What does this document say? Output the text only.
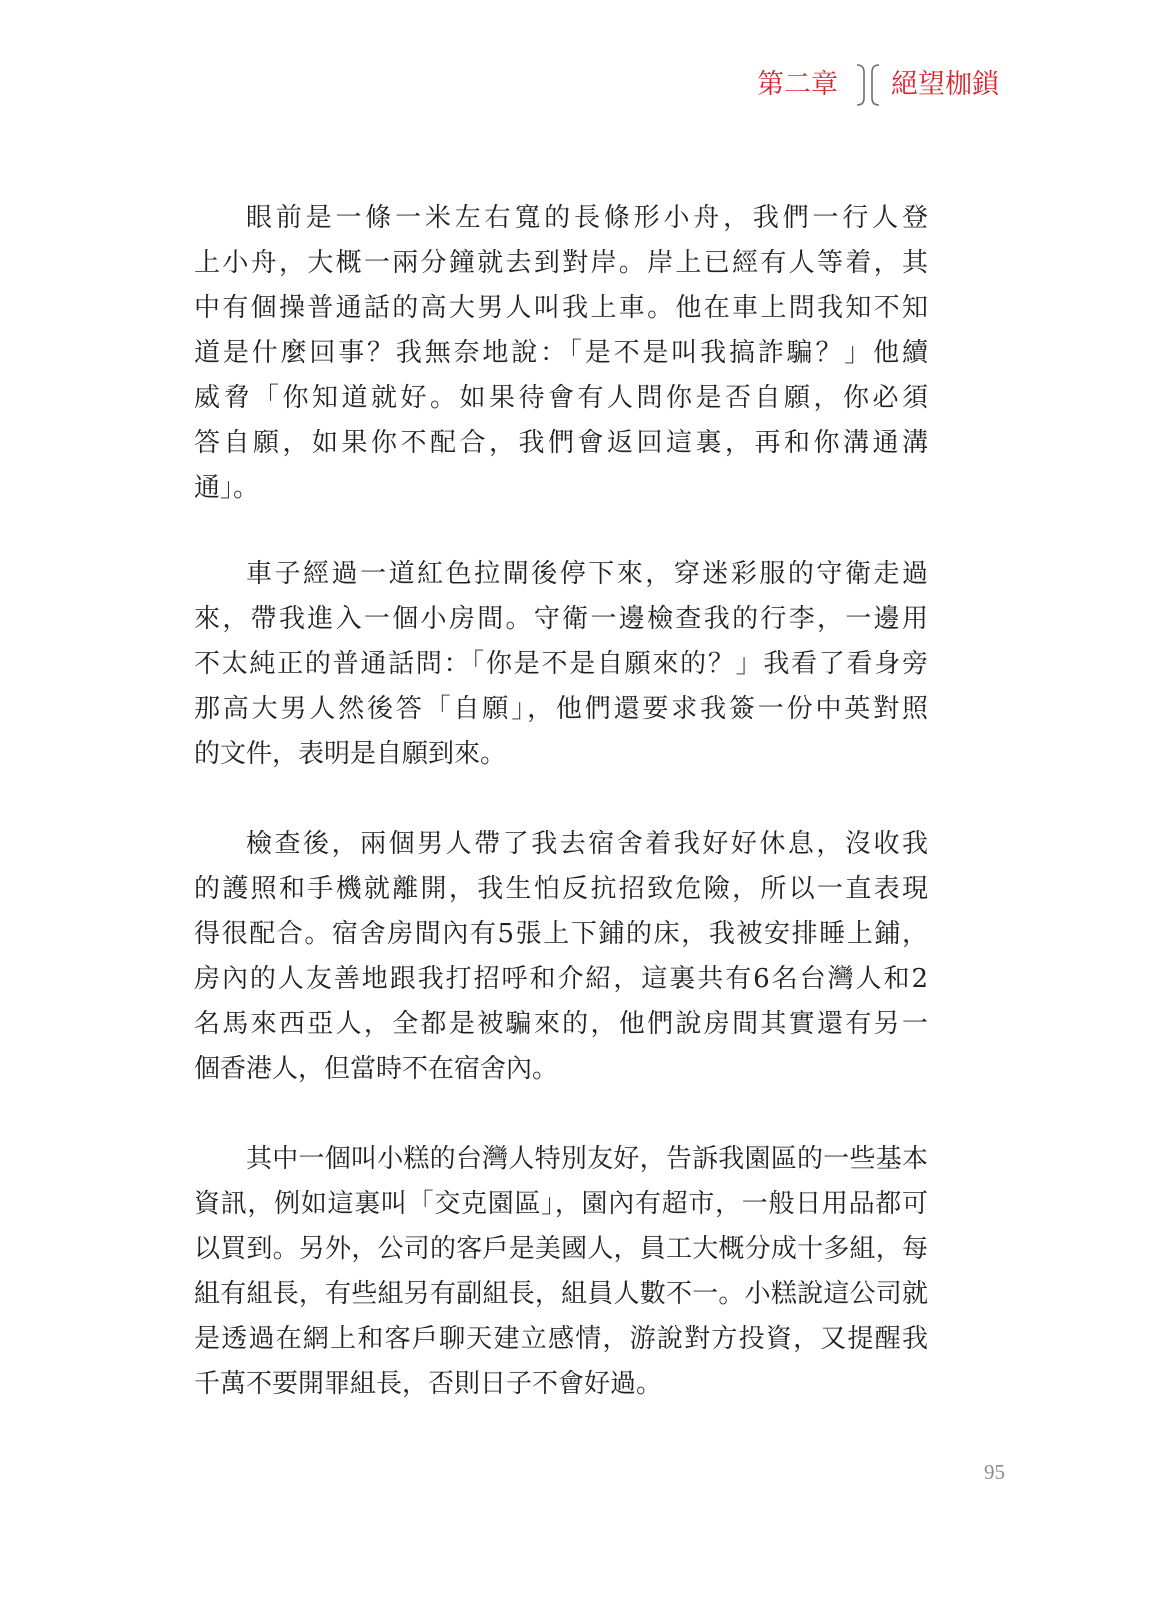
第二章 絕望枷鎖
眼前是一條一米左右寬的長條形小舟，我們一行人登
上小舟，大概一兩分鐘就去到對岸。岸上已經有人等着，其
中有個操普通話的高大男人叫我上車。他在車上問我知不知
道是什麼回事？我無奈地說：「是不是叫我搞詐騙？」他續
威脅「你知道就好。如果待會有人問你是否自願，你必須
答自願，如果你不配合，我們會返回這裏，再和你溝通溝
通」。
車子經過一道紅色拉閘後停下來，穿迷彩服的守衛走過
來，帶我進入一個小房間。守衛一邊檢查我的行李，一邊用
不太純正的普通話問：「你是不是自願來的？」我看了看身旁
那高大男人然後答「自願」，他們還要求我簽一份中英對照
的文件，表明是自願到來。
檢查後，兩個男人帶了我去宿舍着我好好休息，沒收我
的護照和手機就離開，我生怕反抗招致危險，所以一直表現
得很配合。宿舍房間內有5張上下鋪的床，我被安排睡上鋪，
房內的人友善地跟我打招呼和介紹，這裏共有6名台灣人和2
名馬來西亞人，全都是被騙來的，他們說房間其實還有另一
個香港人，但當時不在宿舍內。
其中一個叫小糕的台灣人特別友好，告訴我園區的一些基本
資訊，例如這裏叫「交克園區」，園內有超市，一般日用品都可
以買到。另外，公司的客戶是美國人，員工大概分成十多組，每
組有組長，有些組另有副組長，組員人數不一。小糕說這公司就
是透過在網上和客戶聊天建立感情，游說對方投資，又提醒我
千萬不要開罪組長，否則日子不會好過。
95
